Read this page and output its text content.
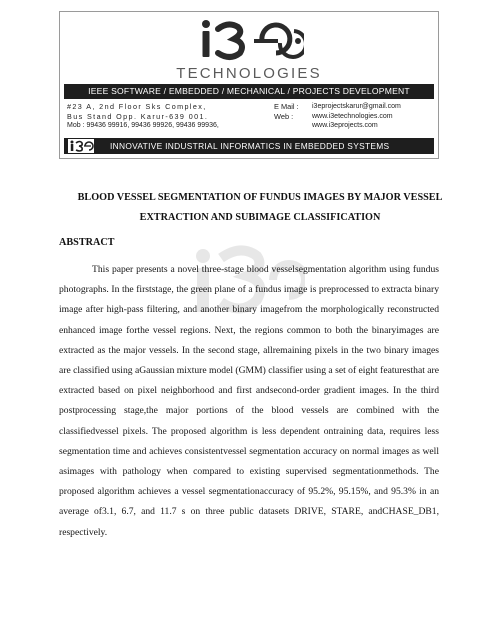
TECHNOLOGIES
IEEE SOFTWARE / EMBEDDED / MECHANICAL / PROJECTS DEVELOPMENT
#23 A, 2nd Floor Sks Complex,
Bus Stand Opp. Karur-639 001.
Mob : 99436 99916, 99436 99926, 99436 99936,
E Mail :
Web :
i3eprojectskarur@gmail.com
www.i3etechnologies.com
www.i3eprojects.com
INNOVATIVE INDUSTRIAL INFORMATICS IN EMBEDDED SYSTEMS
BLOOD VESSEL SEGMENTATION OF FUNDUS IMAGES BY MAJOR VESSEL
EXTRACTION AND SUBIMAGE CLASSIFICATION
ABSTRACT
This paper presents a novel three-stage blood vesselsegmentation algorithm using fundus photographs. In the firststage, the green plane of a fundus image is preprocessed to extracta binary image after high-pass filtering, and another binary imagefrom the morphologically reconstructed enhanced image forthe vessel regions. Next, the regions common to both the binaryimages are extracted as the major vessels. In the second stage, allremaining pixels in the two binary images are classified using aGaussian mixture model (GMM) classifier using a set of eight featuresthat are extracted based on pixel neighborhood and first andsecond-order gradient images. In the third postprocessing stage,the major portions of the blood vessels are combined with the classifiedvessel pixels. The proposed algorithm is less dependent ontraining data, requires less segmentation time and achieves consistentvessel segmentation accuracy on normal images as well asimages with pathology when compared to existing supervised segmentationmethods. The proposed algorithm achieves a vessel segmentationaccuracy of 95.2%, 95.15%, and 95.3% in an average of3.1, 6.7, and 11.7 s on three public datasets DRIVE, STARE, andCHASE_DB1, respectively.
